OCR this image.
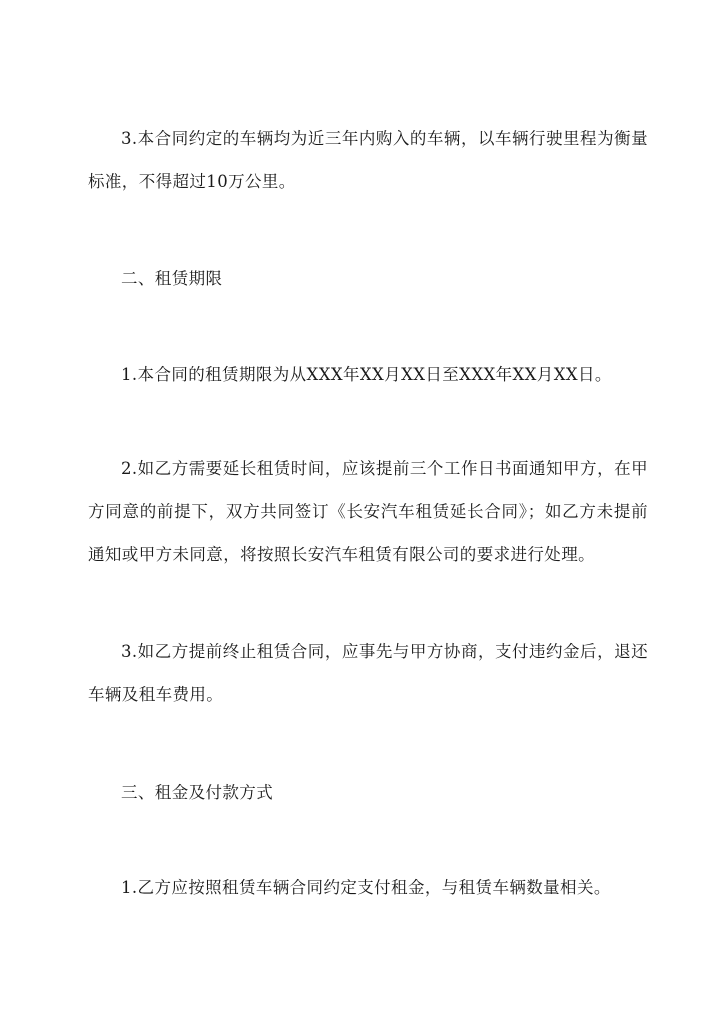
3.本合同约定的车辆均为近三年内购入的车辆，以车辆行驶里程为衡量标准，不得超过10万公里。

二、租赁期限

1.本合同的租赁期限为从XXX年XX月XX日至XXX年XX月XX日。

2.如乙方需要延长租赁时间，应该提前三个工作日书面通知甲方，在甲方同意的前提下，双方共同签订《长安汽车租赁延长合同》；如乙方未提前通知或甲方未同意，将按照长安汽车租赁有限公司的要求进行处理。

3.如乙方提前终止租赁合同，应事先与甲方协商，支付违约金后，退还车辆及租车费用。

三、租金及付款方式

1.乙方应按照租赁车辆合同约定支付租金，与租赁车辆数量相关。
